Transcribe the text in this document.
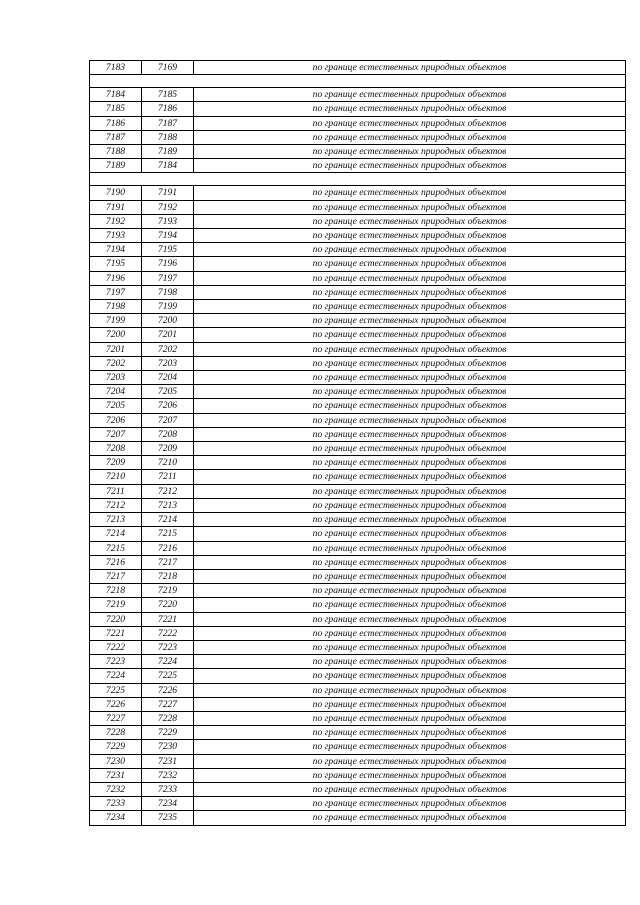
7183	7169	по границе естественных природных объектов

7184	7185	по границе естественных природных объектов
7185	7186	по границе естественных природных объектов
7186	7187	по границе естественных природных объектов
7187	7188	по границе естественных природных объектов
7188	7189	по границе естественных природных объектов
7189	7184	по границе естественных природных объектов

7190	7191	по границе естественных природных объектов
7191	7192	по границе естественных природных объектов
7192	7193	по границе естественных природных объектов
7193	7194	по границе естественных природных объектов
7194	7195	по границе естественных природных объектов
7195	7196	по границе естественных природных объектов
7196	7197	по границе естественных природных объектов
7197	7198	по границе естественных природных объектов
7198	7199	по границе естественных природных объектов
7199	7200	по границе естественных природных объектов
7200	7201	по границе естественных природных объектов
7201	7202	по границе естественных природных объектов
7202	7203	по границе естественных природных объектов
7203	7204	по границе естественных природных объектов
7204	7205	по границе естественных природных объектов
7205	7206	по границе естественных природных объектов
7206	7207	по границе естественных природных объектов
7207	7208	по границе естественных природных объектов
7208	7209	по границе естественных природных объектов
7209	7210	по границе естественных природных объектов
7210	7211	по границе естественных природных объектов
7211	7212	по границе естественных природных объектов
7212	7213	по границе естественных природных объектов
7213	7214	по границе естественных природных объектов
7214	7215	по границе естественных природных объектов
7215	7216	по границе естественных природных объектов
7216	7217	по границе естественных природных объектов
7217	7218	по границе естественных природных объектов
7218	7219	по границе естественных природных объектов
7219	7220	по границе естественных природных объектов
7220	7221	по границе естественных природных объектов
7221	7222	по границе естественных природных объектов
7222	7223	по границе естественных природных объектов
7223	7224	по границе естественных природных объектов
7224	7225	по границе естественных природных объектов
7225	7226	по границе естественных природных объектов
7226	7227	по границе естественных природных объектов
7227	7228	по границе естественных природных объектов
7228	7229	по границе естественных природных объектов
7229	7230	по границе естественных природных объектов
7230	7231	по границе естественных природных объектов
7231	7232	по границе естественных природных объектов
7232	7233	по границе естественных природных объектов
7233	7234	по границе естественных природных объектов
7234	7235	по границе естественных природных объектов
